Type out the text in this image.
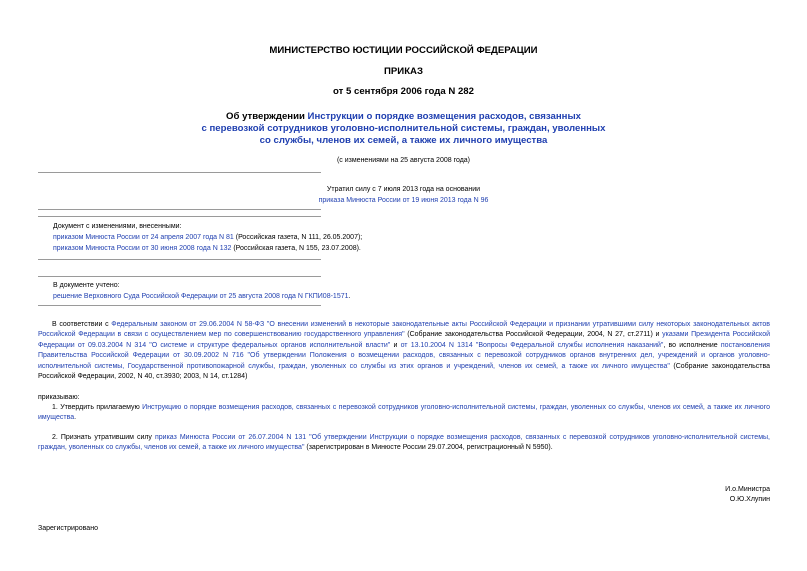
МИНИСТЕРСТВО ЮСТИЦИИ РОССИЙСКОЙ ФЕДЕРАЦИИ
ПРИКАЗ
от 5 сентября 2006 года N 282
Об утверждении Инструкции о порядке возмещения расходов, связанных
с перевозкой сотрудников уголовно-исполнительной системы, граждан, уволенных
со службы, членов их семей, а также их личного имущества
(с изменениями на 25 августа 2008 года)
Утратил силу с 7 июля 2013 года на основании
приказа Минюста России от 19 июня 2013 года N 96
Документ с изменениями, внесенными:
приказом Минюста России от 24 апреля 2007 года N 81 (Российская газета, N 111, 26.05.2007);
приказом Минюста России от 30 июня 2008 года N 132 (Российская газета, N 155, 23.07.2008).
В документе учтено:
решение Верховного Суда Российской Федерации от 25 августа 2008 года N ГКПИ08-1571.

В соответствии с Федеральным законом от 29.06.2004 N 58-ФЗ "О внесении изменений в некоторые законодательные акты Российской Федерации и признании утратившими силу некоторых законодательных актов Российской Федерации в связи с осуществлением мер по совершенствованию государственного управления" (Собрание законодательства Российской Федерации, 2004, N 27, ст.2711) и указами Президента Российской Федерации от 09.03.2004 N 314 "О системе и структуре федеральных органов исполнительной власти" и от 13.10.2004 N 1314 "Вопросы Федеральной службы исполнения наказаний", во исполнение постановления Правительства Российской Федерации от 30.09.2002 N 716 "Об утверждении Положения о возмещении расходов, связанных с перевозкой сотрудников органов внутренних дел, учреждений и органов уголовно-исполнительной системы, Государственной противопожарной службы, граждан, уволенных со службы из этих органов и учреждений, членов их семей, а также их личного имущества" (Собрание законодательства Российской Федерации, 2002, N 40, ст.3930; 2003, N 14, ст.1284)

приказываю:

1. Утвердить прилагаемую Инструкцию о порядке возмещения расходов, связанных с перевозкой сотрудников уголовно-исполнительной системы, граждан, уволенных со службы, членов их семей, а также их личного имущества.

2. Признать утратившим силу приказ Минюста России от 26.07.2004 N 131 "Об утверждении Инструкции о порядке возмещения расходов, связанных с перевозкой сотрудников уголовно-исполнительной системы, граждан, уволенных со службы, членов их семей, а также их личного имущества" (зарегистрирован в Минюсте России 29.07.2004, регистрационный N 5950).

И.о.Министра
О.Ю.Хлупин
Зарегистрировано
